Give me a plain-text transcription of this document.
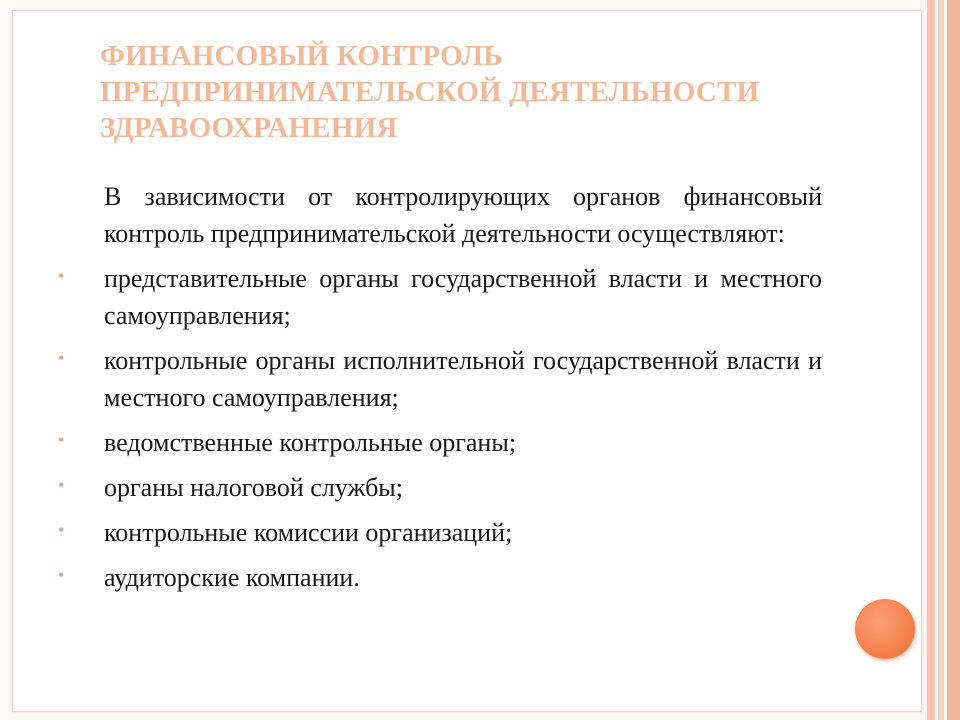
ФИНАНСОВЫЙ КОНТРОЛЬ
ПРЕДПРИНИМАТЕЛЬСКОЙ ДЕЯТЕЛЬНОСТИ
ЗДРАВООХРАНЕНИЯ

В зависимости от контролирующих органов финансовый контроль предпринимательской деятельности осуществляют:

• представительные органы государственной власти и местного самоуправления;
• контрольные органы исполнительной государственной власти и местного самоуправления;
• ведомственные контрольные органы;
• органы налоговой службы;
• контрольные комиссии организаций;
• аудиторские компании.
